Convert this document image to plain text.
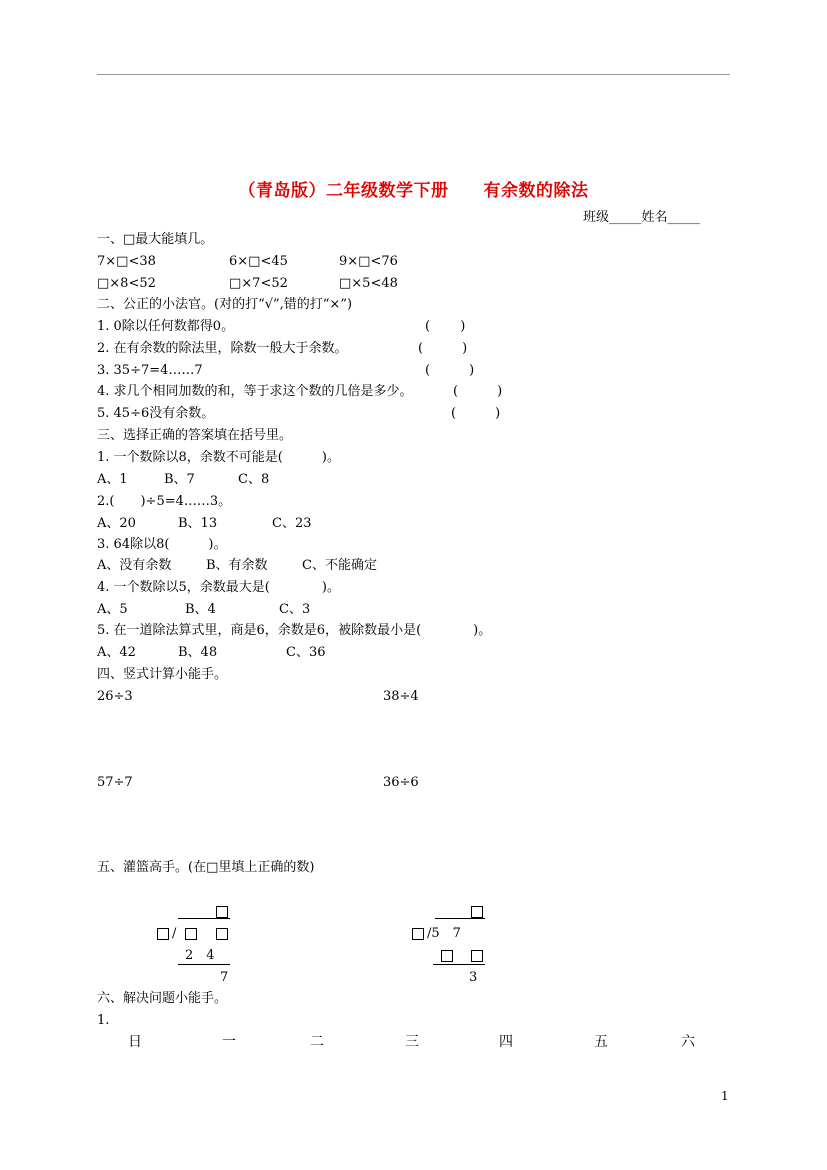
（青岛版）二年级数学下册　　有余数的除法
班级_____姓名_____
一、□最大能填几。
7×□<38	6×□<45	9×□<76
□×8<52	□×7<52	□×5<48
二、公正的小法官。(对的打“√”,错的打“×”)
1. 0除以任何数都得0。	(　　 )
2. 在有余数的除法里，除数一般大于余数。	(　　　)
3. 35÷7=4……7	(　　　)
4. 求几个相同加数的和，等于求这个数的几倍是多少。	(　　　)
5. 45÷6没有余数。	(　　　)
三、选择正确的答案填在括号里。
1. 一个数除以8，余数不可能是(　　　)。
A、1	B、7	C、8
2.(　　)÷5=4……3。
A、20	B、13	C、23
3. 64除以8(　　　)。
A、没有余数	B、有余数	C、不能确定
4. 一个数除以5，余数最大是(　　　　)。
A、5	B、4	C、3
5. 在一道除法算式里，商是6，余数是6，被除数最小是(　　　　)。
A、42	B、48	C、36
四、竖式计算小能手。
26÷3	38÷4
57÷7	36÷6
五、灌篮高手。(在□里填上正确的数)
/
2　4
7
/5　7
3
六、解决问题小能手。
1.
日	一	二	三	四	五	六
1
